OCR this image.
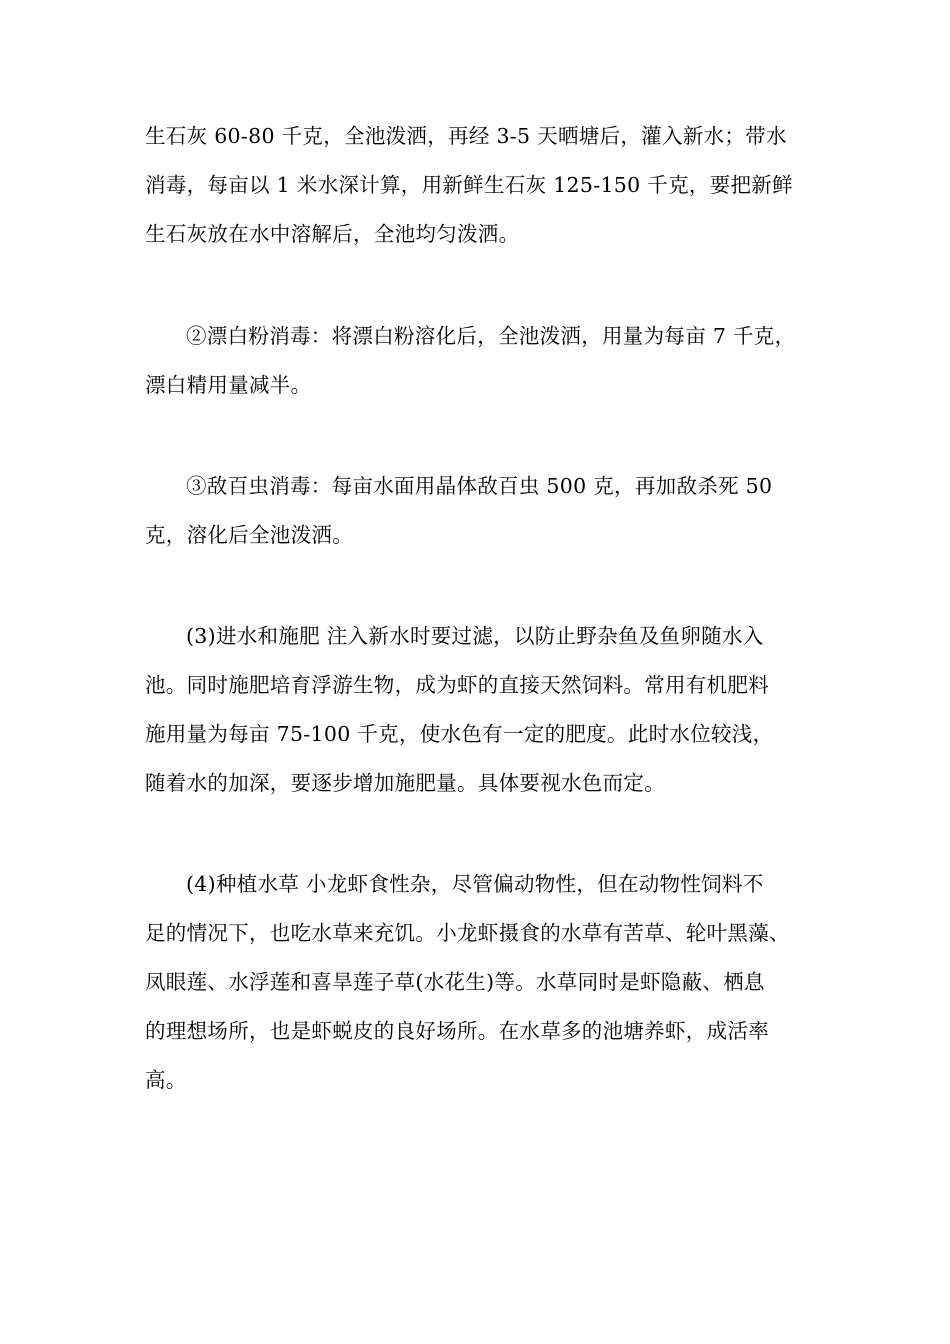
生石灰 60-80 千克，全池泼洒，再经 3-5 天晒塘后，灌入新水；带水
消毒，每亩以 1 米水深计算，用新鲜生石灰 125-150 千克，要把新鲜
生石灰放在水中溶解后，全池均匀泼洒。

②漂白粉消毒：将漂白粉溶化后，全池泼洒，用量为每亩 7 千克，
漂白精用量减半。

③敌百虫消毒：每亩水面用晶体敌百虫 500 克，再加敌杀死 50
克，溶化后全池泼洒。

(3)进水和施肥 注入新水时要过滤，以防止野杂鱼及鱼卵随水入
池。同时施肥培育浮游生物，成为虾的直接天然饲料。常用有机肥料
施用量为每亩 75-100 千克，使水色有一定的肥度。此时水位较浅，
随着水的加深，要逐步增加施肥量。具体要视水色而定。

(4)种植水草 小龙虾食性杂，尽管偏动物性，但在动物性饲料不
足的情况下，也吃水草来充饥。小龙虾摄食的水草有苦草、轮叶黑藻、
凤眼莲、水浮莲和喜旱莲子草(水花生)等。水草同时是虾隐蔽、栖息
的理想场所，也是虾蜕皮的良好场所。在水草多的池塘养虾，成活率
高。
